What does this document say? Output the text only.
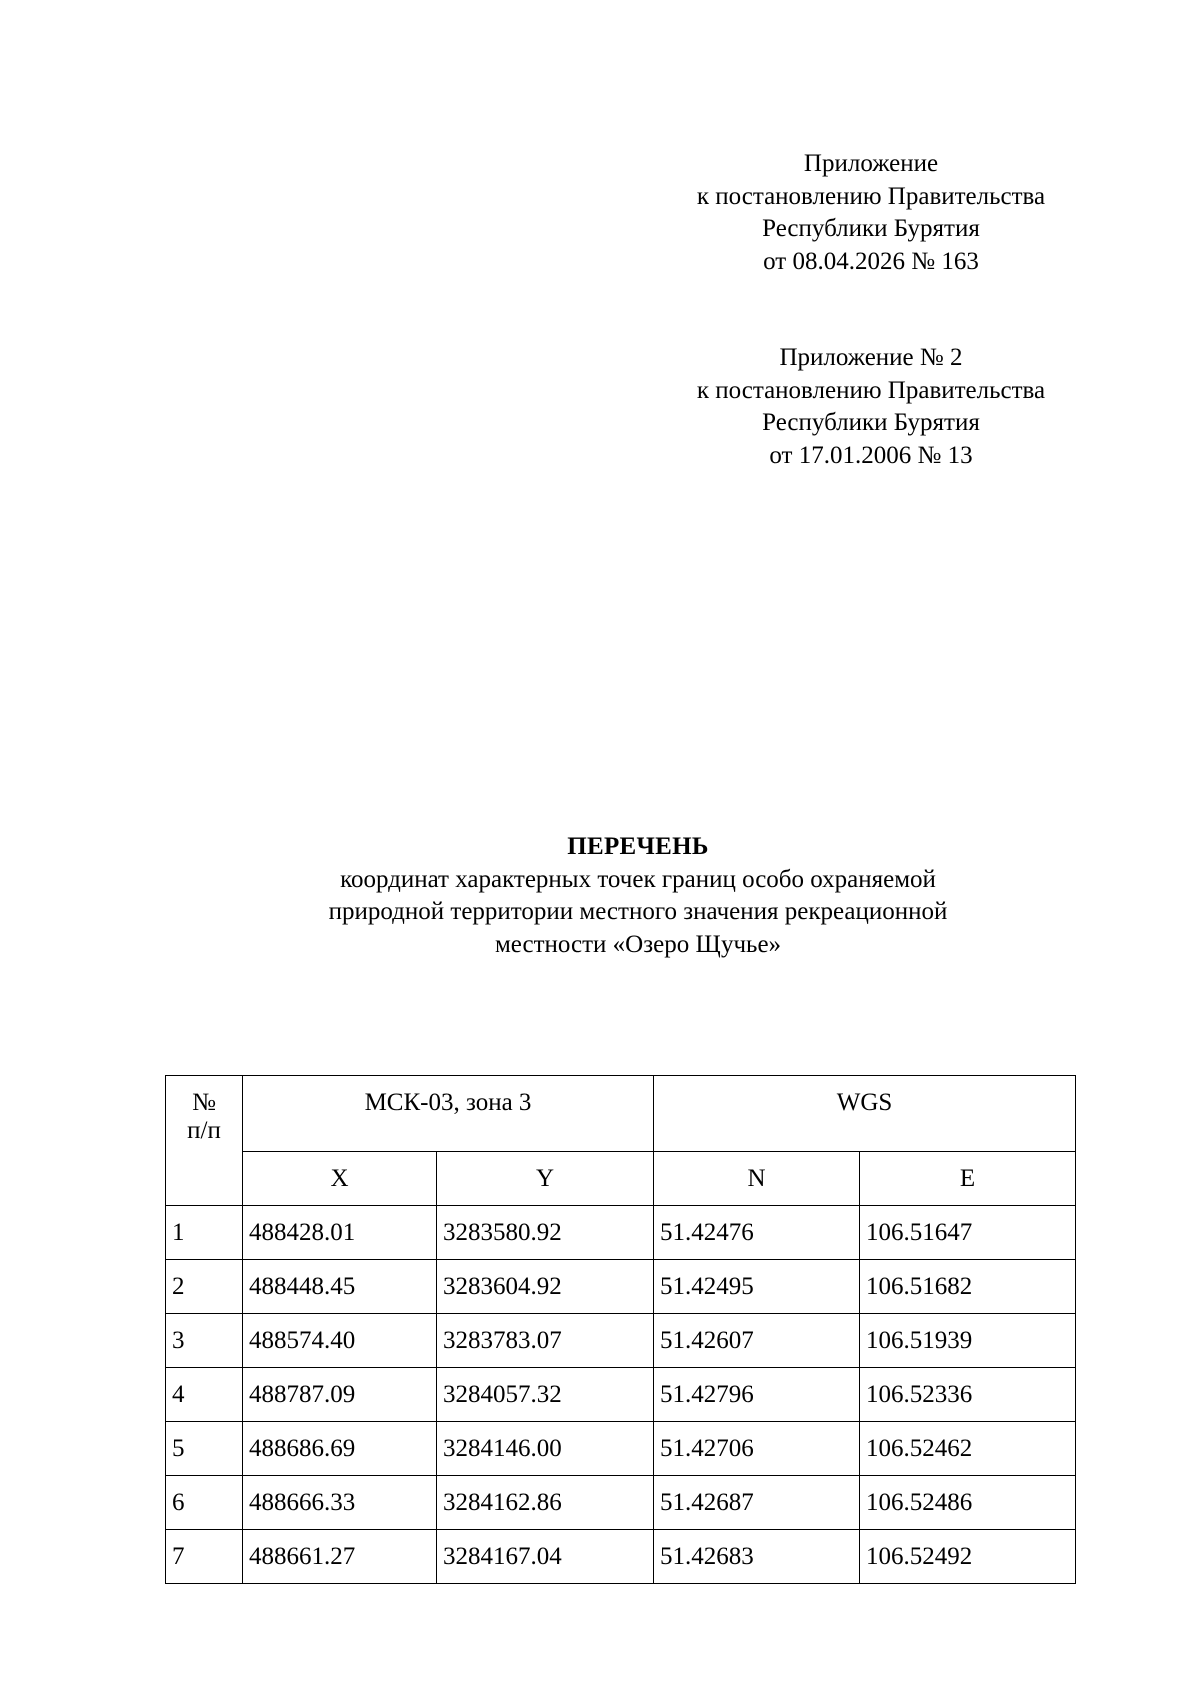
Приложение
к постановлению Правительства
Республики Бурятия
от 08.04.2026 № 163
Приложение № 2
к постановлению Правительства
Республики Бурятия
от 17.01.2006 № 13
ПЕРЕЧЕНЬ
координат характерных точек границ особо охраняемой
природной территории местного значения рекреационной
местности «Озеро Щучье»
№
п/п	МСК-03, зона 3		WGS	
	X	Y	N	E
1	488428.01	3283580.92	51.42476	106.51647
2	488448.45	3283604.92	51.42495	106.51682
3	488574.40	3283783.07	51.42607	106.51939
4	488787.09	3284057.32	51.42796	106.52336
5	488686.69	3284146.00	51.42706	106.52462
6	488666.33	3284162.86	51.42687	106.52486
7	488661.27	3284167.04	51.42683	106.52492
